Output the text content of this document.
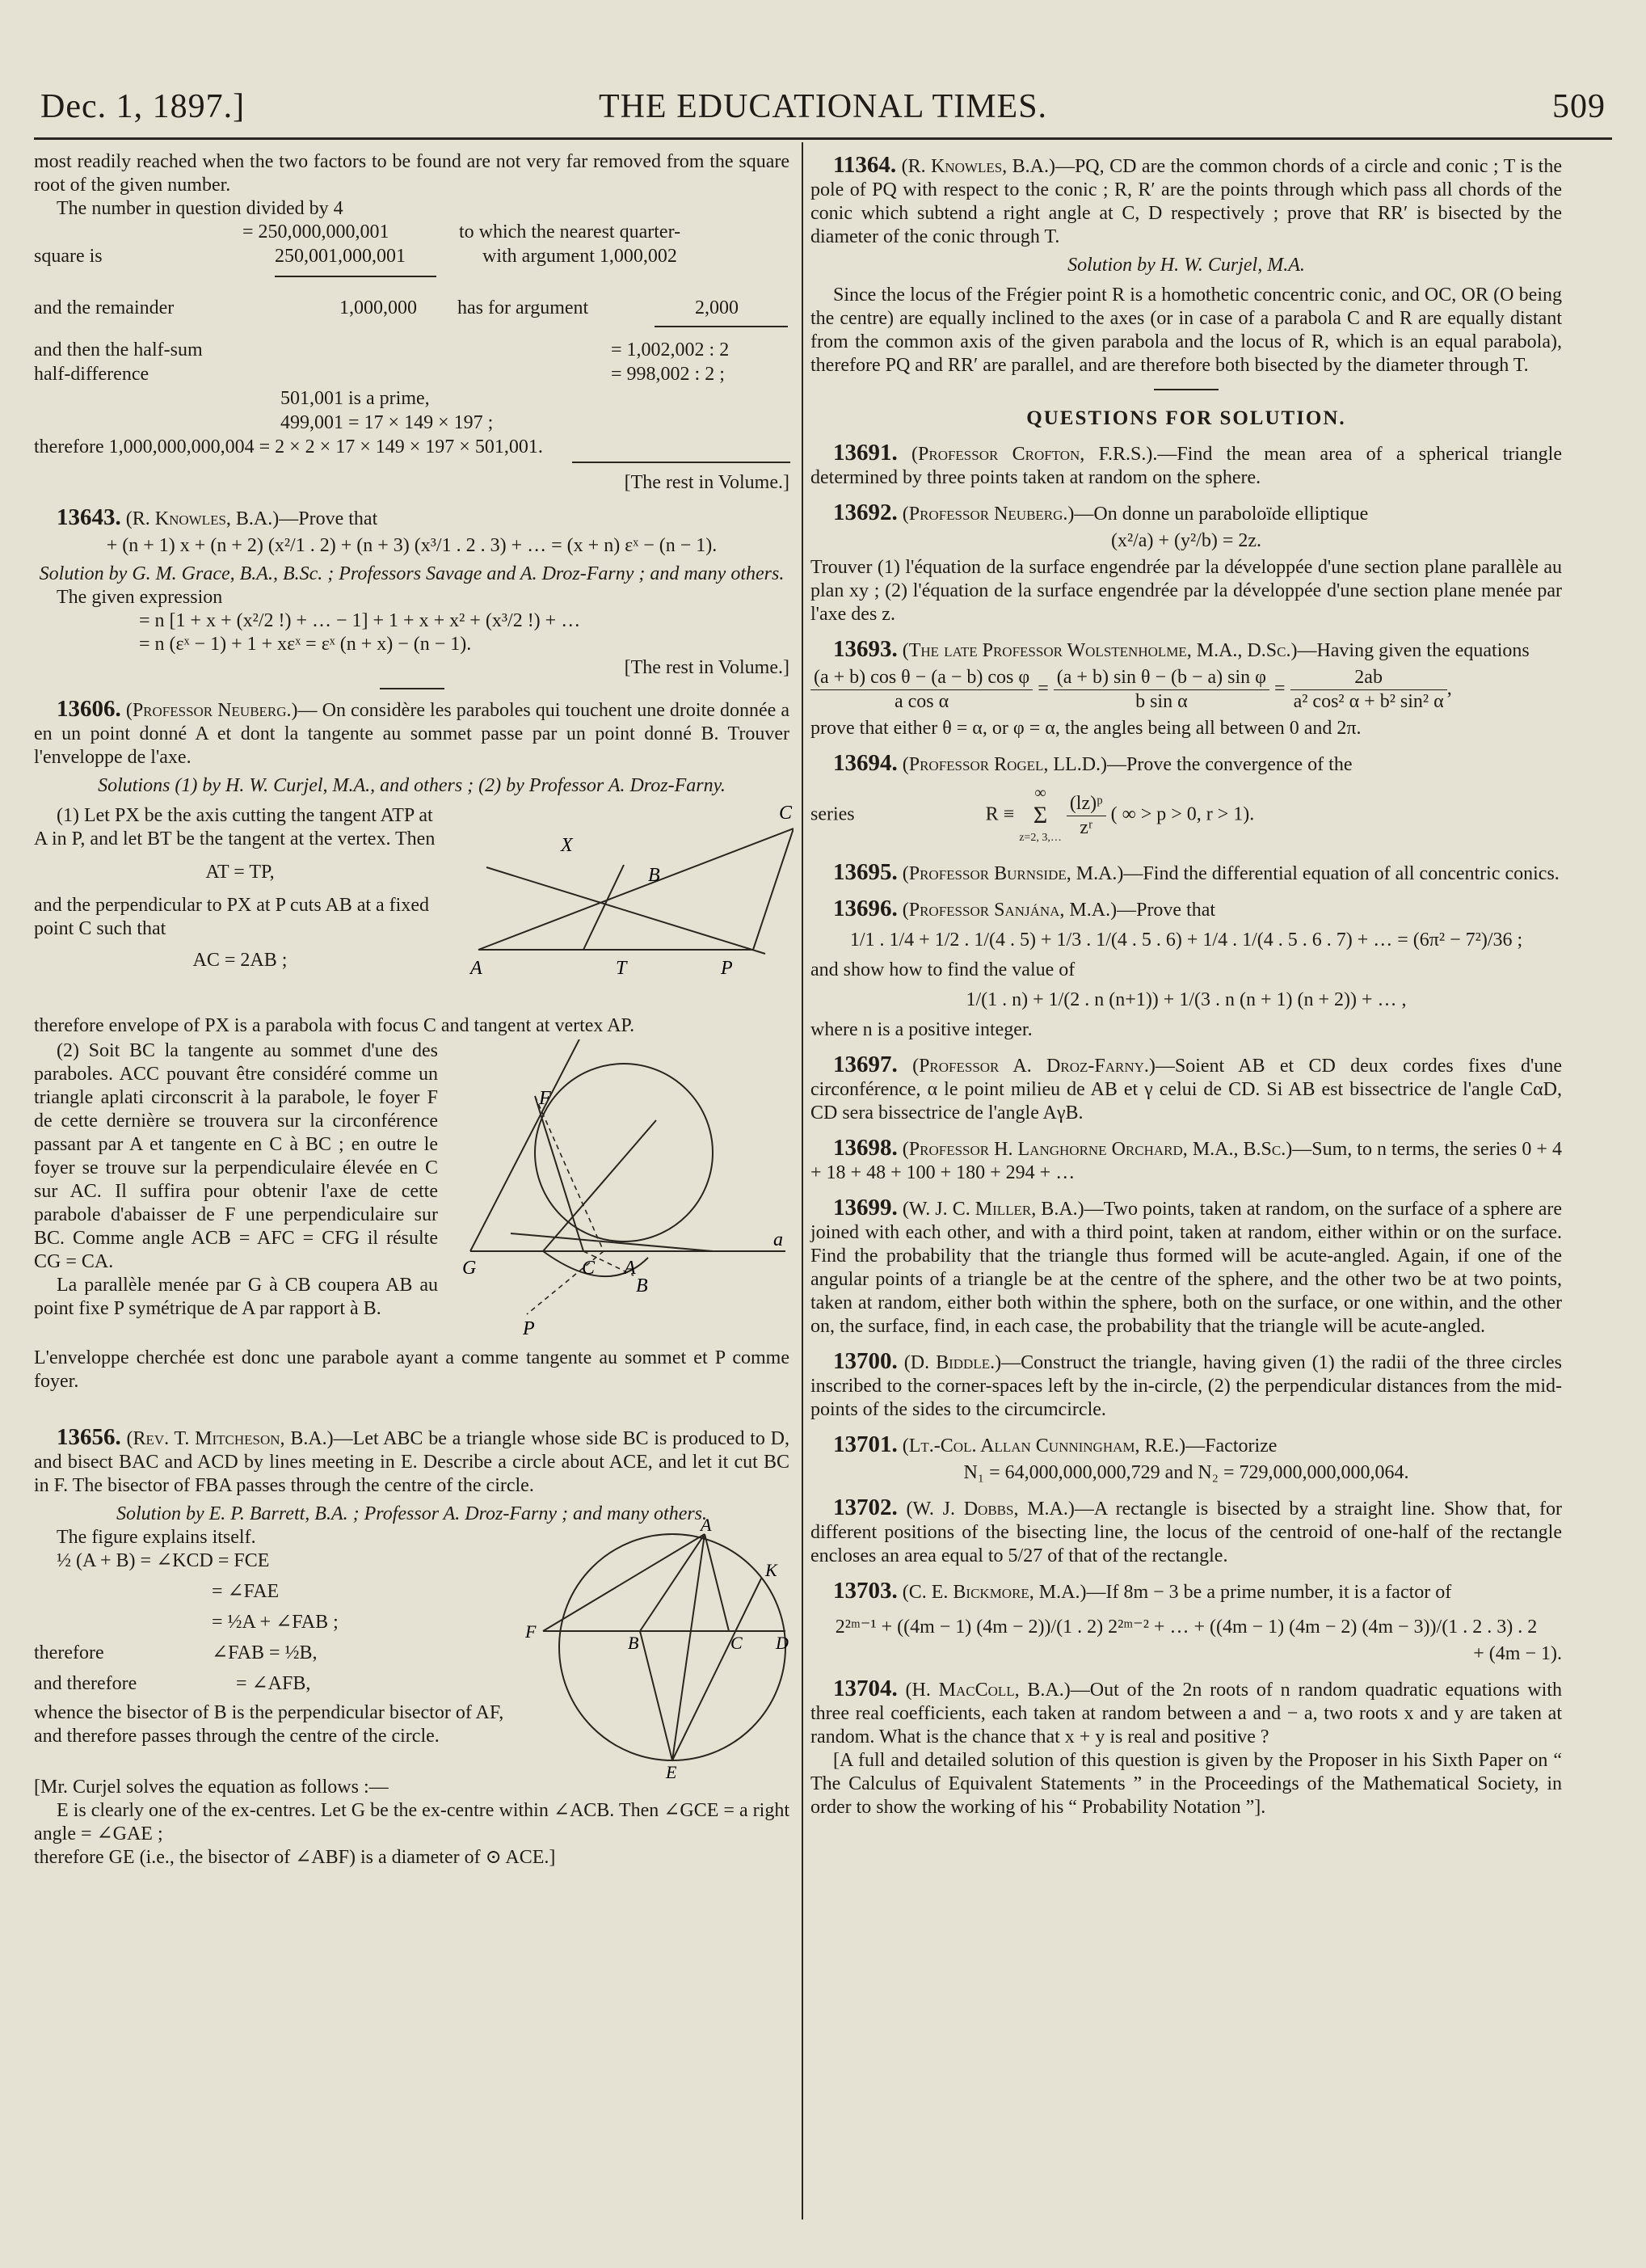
Dec. 1, 1897.]	THE EDUCATIONAL TIMES.	509

most readily reached when the two factors to be found are not very far removed from the square root of the given number.

The number in question divided by 4

= 250,000,000,001	to which the nearest quarter-
square is	250,001,000,001	with argument 1,000,002
and the remainder	1,000,000 has for argument	2,000
and then the half-sum	= 1,002,002 : 2
half-difference	= 998,002 : 2 ;
501,001 is a prime,
499,001 = 17 × 149 × 197 ;
therefore 1,000,000,000,004 = 2 × 2 × 17 × 149 × 197 × 501,001.

[The rest in Volume.]

13643. (R. Knowles, B.A.)—Prove that

+ (n + 1) x + (n + 2) (x²/1 . 2) + (n + 3) (x³/1 . 2 . 3) + … = (x + n) εˣ − (n − 1).

Solution by G. M. Grace, B.A., B.Sc. ; Professors Savage and A. Droz-Farny ; and many others.

The given expression

= n [1 + x + (x²/2 !) + … − 1] + 1 + x + x² + (x³/2 !) + …

= n (εˣ − 1) + 1 + xεˣ = εˣ (n + x) − (n − 1).

[The rest in Volume.]

13606. (Professor Neuberg.)— On considère les paraboles qui touchent une droite donnée a en un point donné A et dont la tangente au sommet passe par un point donné B. Trouver l'enveloppe de l'axe.

Solutions (1) by H. W. Curjel, M.A., and others ; (2) by Professor A. Droz-Farny.

(1) Let PX be the axis cutting the tangent ATP at A in P, and let BT be the tangent at the vertex. Then

AT = TP,

and the perpendicular to PX at P cuts AB at a fixed point C such that

AC = 2AB ;

X
B
C
A	T	P

therefore envelope of PX is a parabola with focus C and tangent at vertex AP.

(2) Soit BC la tangente au sommet d'une des paraboles. ACC pouvant être considéré comme un triangle aplati circonscrit à la parabole, le foyer F de cette dernière se trouvera sur la circonférence passant par A et tangente en C à BC ; en outre le foyer se trouve sur la perpendiculaire élevée en C sur AC. Il suffira pour obtenir l'axe de cette parabole d'abaisser de F une perpendiculaire sur BC. Comme angle ACB = AFC = CFG il résulte CG = CA.

La parallèle menée par G à CB coupera AB au point fixe P symétrique de A par rapport à B.

F
G	C A
a
B
P

L'enveloppe cherchée est donc une parabole ayant a comme tangente au sommet et P comme foyer.

13656. (Rev. T. Mitcheson, B.A.)—Let ABC be a triangle whose side BC is produced to D, and bisect BAC and ACD by lines meeting in E. Describe a circle about ACE, and let it cut BC in F. The bisector of FBA passes through the centre of the circle.

Solution by E. P. Barrett, B.A. ; Professor A. Droz-Farny ; and many others.

The figure explains itself.

½ (A + B) = ∠KCD = FCE
= ∠FAE
= ½A + ∠FAB ;
therefore	∠FAB = ½B,
and therefore	= ∠AFB,

whence the bisector of B is the perpendicular bisector of AF, and therefore passes through the centre of the circle.

A
K
F
B	C D
E

[Mr. Curjel solves the equation as follows :—

E is clearly one of the ex-centres. Let G be the ex-centre within ∠ACB. Then ∠GCE = a right angle = ∠GAE ;

therefore GE (i.e., the bisector of ∠ABF) is a diameter of ⊙ ACE.]

11364. (R. Knowles, B.A.)—PQ, CD are the common chords of a circle and conic ; T is the pole of PQ with respect to the conic ; R, R′ are the points through which pass all chords of the conic which subtend a right angle at C, D respectively ; prove that RR′ is bisected by the diameter of the conic through T.

Solution by H. W. Curjel, M.A.

Since the locus of the Frégier point R is a homothetic concentric conic, and OC, OR (O being the centre) are equally inclined to the axes (or in case of a parabola C and R are equally distant from the common axis of the given parabola and the locus of R, which is an equal parabola), therefore PQ and RR′ are parallel, and are therefore both bisected by the diameter through T.

QUESTIONS FOR SOLUTION.

13691. (Professor Crofton, F.R.S.).—Find the mean area of a spherical triangle determined by three points taken at random on the sphere.

13692. (Professor Neuberg.)—On donne un paraboloïde elliptique

(x²/a) + (y²/b) = 2z.

Trouver (1) l'équation de la surface engendrée par la développée d'une section plane parallèle au plan xy ; (2) l'équation de la surface engendrée par la développée d'une section plane menée par l'axe des z.

13693. (The late Professor Wolstenholme, M.A., D.Sc.)—Having given the equations

$\frac{\text{(a + b) cos θ − (a − b) cos φ}}{\text{a cos α}} = \frac{\text{(a + b) sin θ − (b − a) sin φ}}{\text{b sin α}} = \frac{2ab}{\text{a² cos² α + b² sin² α}}$ ,

prove that either θ = α, or φ = α, the angles being all between 0 and 2π.

13694. (Professor Rogel, LL.D.)—Prove the convergence of the

series	R ≡
∞
Σ
z=2, 3,…
$\frac{\text{(lz)ᵖ}}{\text{zʳ}}$ ( ∞ > p > 0, r > 1).

13695. (Professor Burnside, M.A.)—Find the differential equation of all concentric conics.

13696. (Professor Sanjána, M.A.)—Prove that

1/1 . 1/4 + 1/2 . 1/(4 . 5) + 1/3 . 1/(4 . 5 . 6) + 1/4 . 1/(4 . 5 . 6 . 7) + … = (6π² − 7²)/36 ;

and show how to find the value of

1/(1 . n) + 1/(2 . n (n+1)) + 1/(3 . n (n + 1) (n + 2)) + … ,

where n is a positive integer.

13697. (Professor A. Droz-Farny.)—Soient AB et CD deux cordes fixes d'une circonférence, α le point milieu de AB et γ celui de CD. Si AB est bissectrice de l'angle CαD, CD sera bissectrice de l'angle AγB.

13698. (Professor H. Langhorne Orchard, M.A., B.Sc.)—Sum, to n terms, the series 0 + 4 + 18 + 48 + 100 + 180 + 294 + …

13699. (W. J. C. Miller, B.A.)—Two points, taken at random, on the surface of a sphere are joined with each other, and with a third point, taken at random, either within or on the surface. Find the probability that the triangle thus formed will be acute-angled. Again, if one of the angular points of a triangle be at the centre of the sphere, and the other two be at two points, taken at random, either both within the sphere, both on the surface, or one within, and the other on, the surface, find, in each case, the probability that the triangle will be acute-angled.

13700. (D. Biddle.)—Construct the triangle, having given (1) the radii of the three circles inscribed to the corner-spaces left by the in-circle, (2) the perpendicular distances from the mid-points of the sides to the circumcircle.

13701. (Lt.-Col. Allan Cunningham, R.E.)—Factorize

N₁ = 64,000,000,000,729 and N₂ = 729,000,000,000,064.

13702. (W. J. Dobbs, M.A.)—A rectangle is bisected by a straight line. Show that, for different positions of the bisecting line, the locus of the centroid of one-half of the rectangle encloses an area equal to 5/27 of that of the rectangle.

13703. (C. E. Bickmore, M.A.)—If 8m − 3 be a prime number, it is a factor of

2²ᵐ⁻¹ + ((4m − 1) (4m − 2))/(1 . 2) 2²ᵐ⁻² + … + ((4m − 1) (4m − 2) (4m − 3))/(1 . 2 . 3) . 2

+ (4m − 1).

13704. (H. MacColl, B.A.)—Out of the 2n roots of n random quadratic equations with three real coefficients, each taken at random between a and − a, two roots x and y are taken at random. What is the chance that x + y is real and positive ?

[A full and detailed solution of this question is given by the Proposer in his Sixth Paper on “ The Calculus of Equivalent Statements ” in the Proceedings of the Mathematical Society, in order to show the working of his “ Probability Notation ”].
